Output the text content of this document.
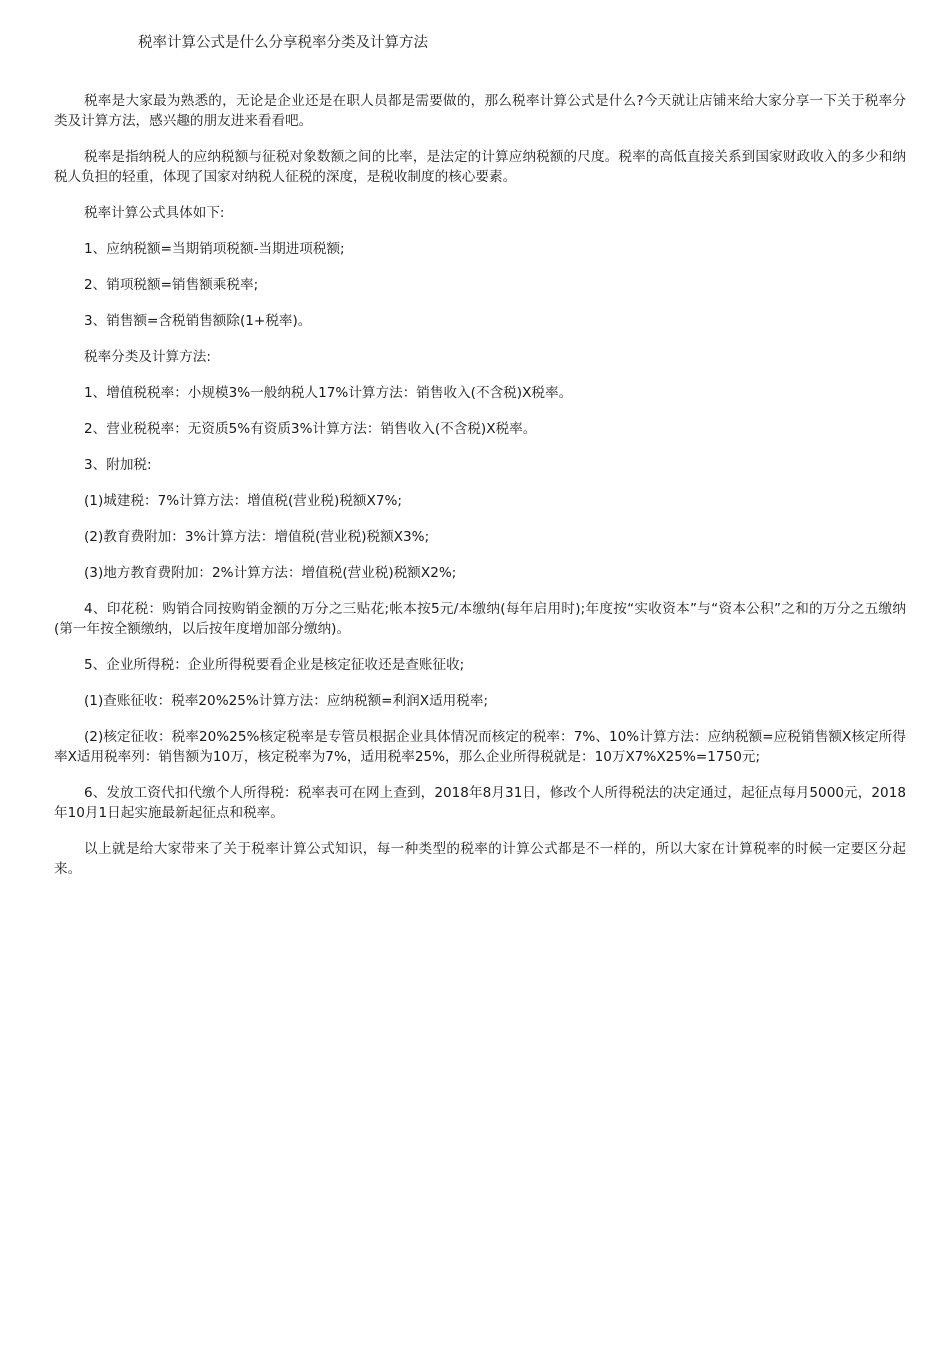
税率计算公式是什么分享税率分类及计算方法

税率是大家最为熟悉的，无论是企业还是在职人员都是需要做的，那么税率计算公式是什么?今天就让店铺来给大家分享一下关于税率分类及计算方法，感兴趣的朋友进来看看吧。

税率是指纳税人的应纳税额与征税对象数额之间的比率，是法定的计算应纳税额的尺度。税率的高低直接关系到国家财政收入的多少和纳税人负担的轻重，体现了国家对纳税人征税的深度，是税收制度的核心要素。

税率计算公式具体如下:

1、应纳税额=当期销项税额-当期进项税额;

2、销项税额=销售额乘税率;

3、销售额=含税销售额除(1+税率)。

税率分类及计算方法:

1、增值税税率：小规模3%一般纳税人17%计算方法：销售收入(不含税)X税率。

2、营业税税率：无资质5%有资质3%计算方法：销售收入(不含税)X税率。

3、附加税:

(1)城建税：7%计算方法：增值税(营业税)税额X7%;

(2)教育费附加：3%计算方法：增值税(营业税)税额X3%;

(3)地方教育费附加：2%计算方法：增值税(营业税)税额X2%;

4、印花税：购销合同按购销金额的万分之三贴花;帐本按5元/本缴纳(每年启用时);年度按“实收资本”与“资本公积”之和的万分之五缴纳(第一年按全额缴纳，以后按年度增加部分缴纳)。

5、企业所得税：企业所得税要看企业是核定征收还是查账征收;

(1)查账征收：税率20%25%计算方法：应纳税额=利润X适用税率;

(2)核定征收：税率20%25%核定税率是专管员根据企业具体情况而核定的税率：7%、10%计算方法：应纳税额=应税销售额X核定所得率X适用税率列：销售额为10万，核定税率为7%，适用税率25%，那么企业所得税就是：10万X7%X25%=1750元;

6、发放工资代扣代缴个人所得税：税率表可在网上查到，2018年8月31日，修改个人所得税法的决定通过，起征点每月5000元，2018年10月1日起实施最新起征点和税率。

以上就是给大家带来了关于税率计算公式知识，每一种类型的税率的计算公式都是不一样的，所以大家在计算税率的时候一定要区分起来。
